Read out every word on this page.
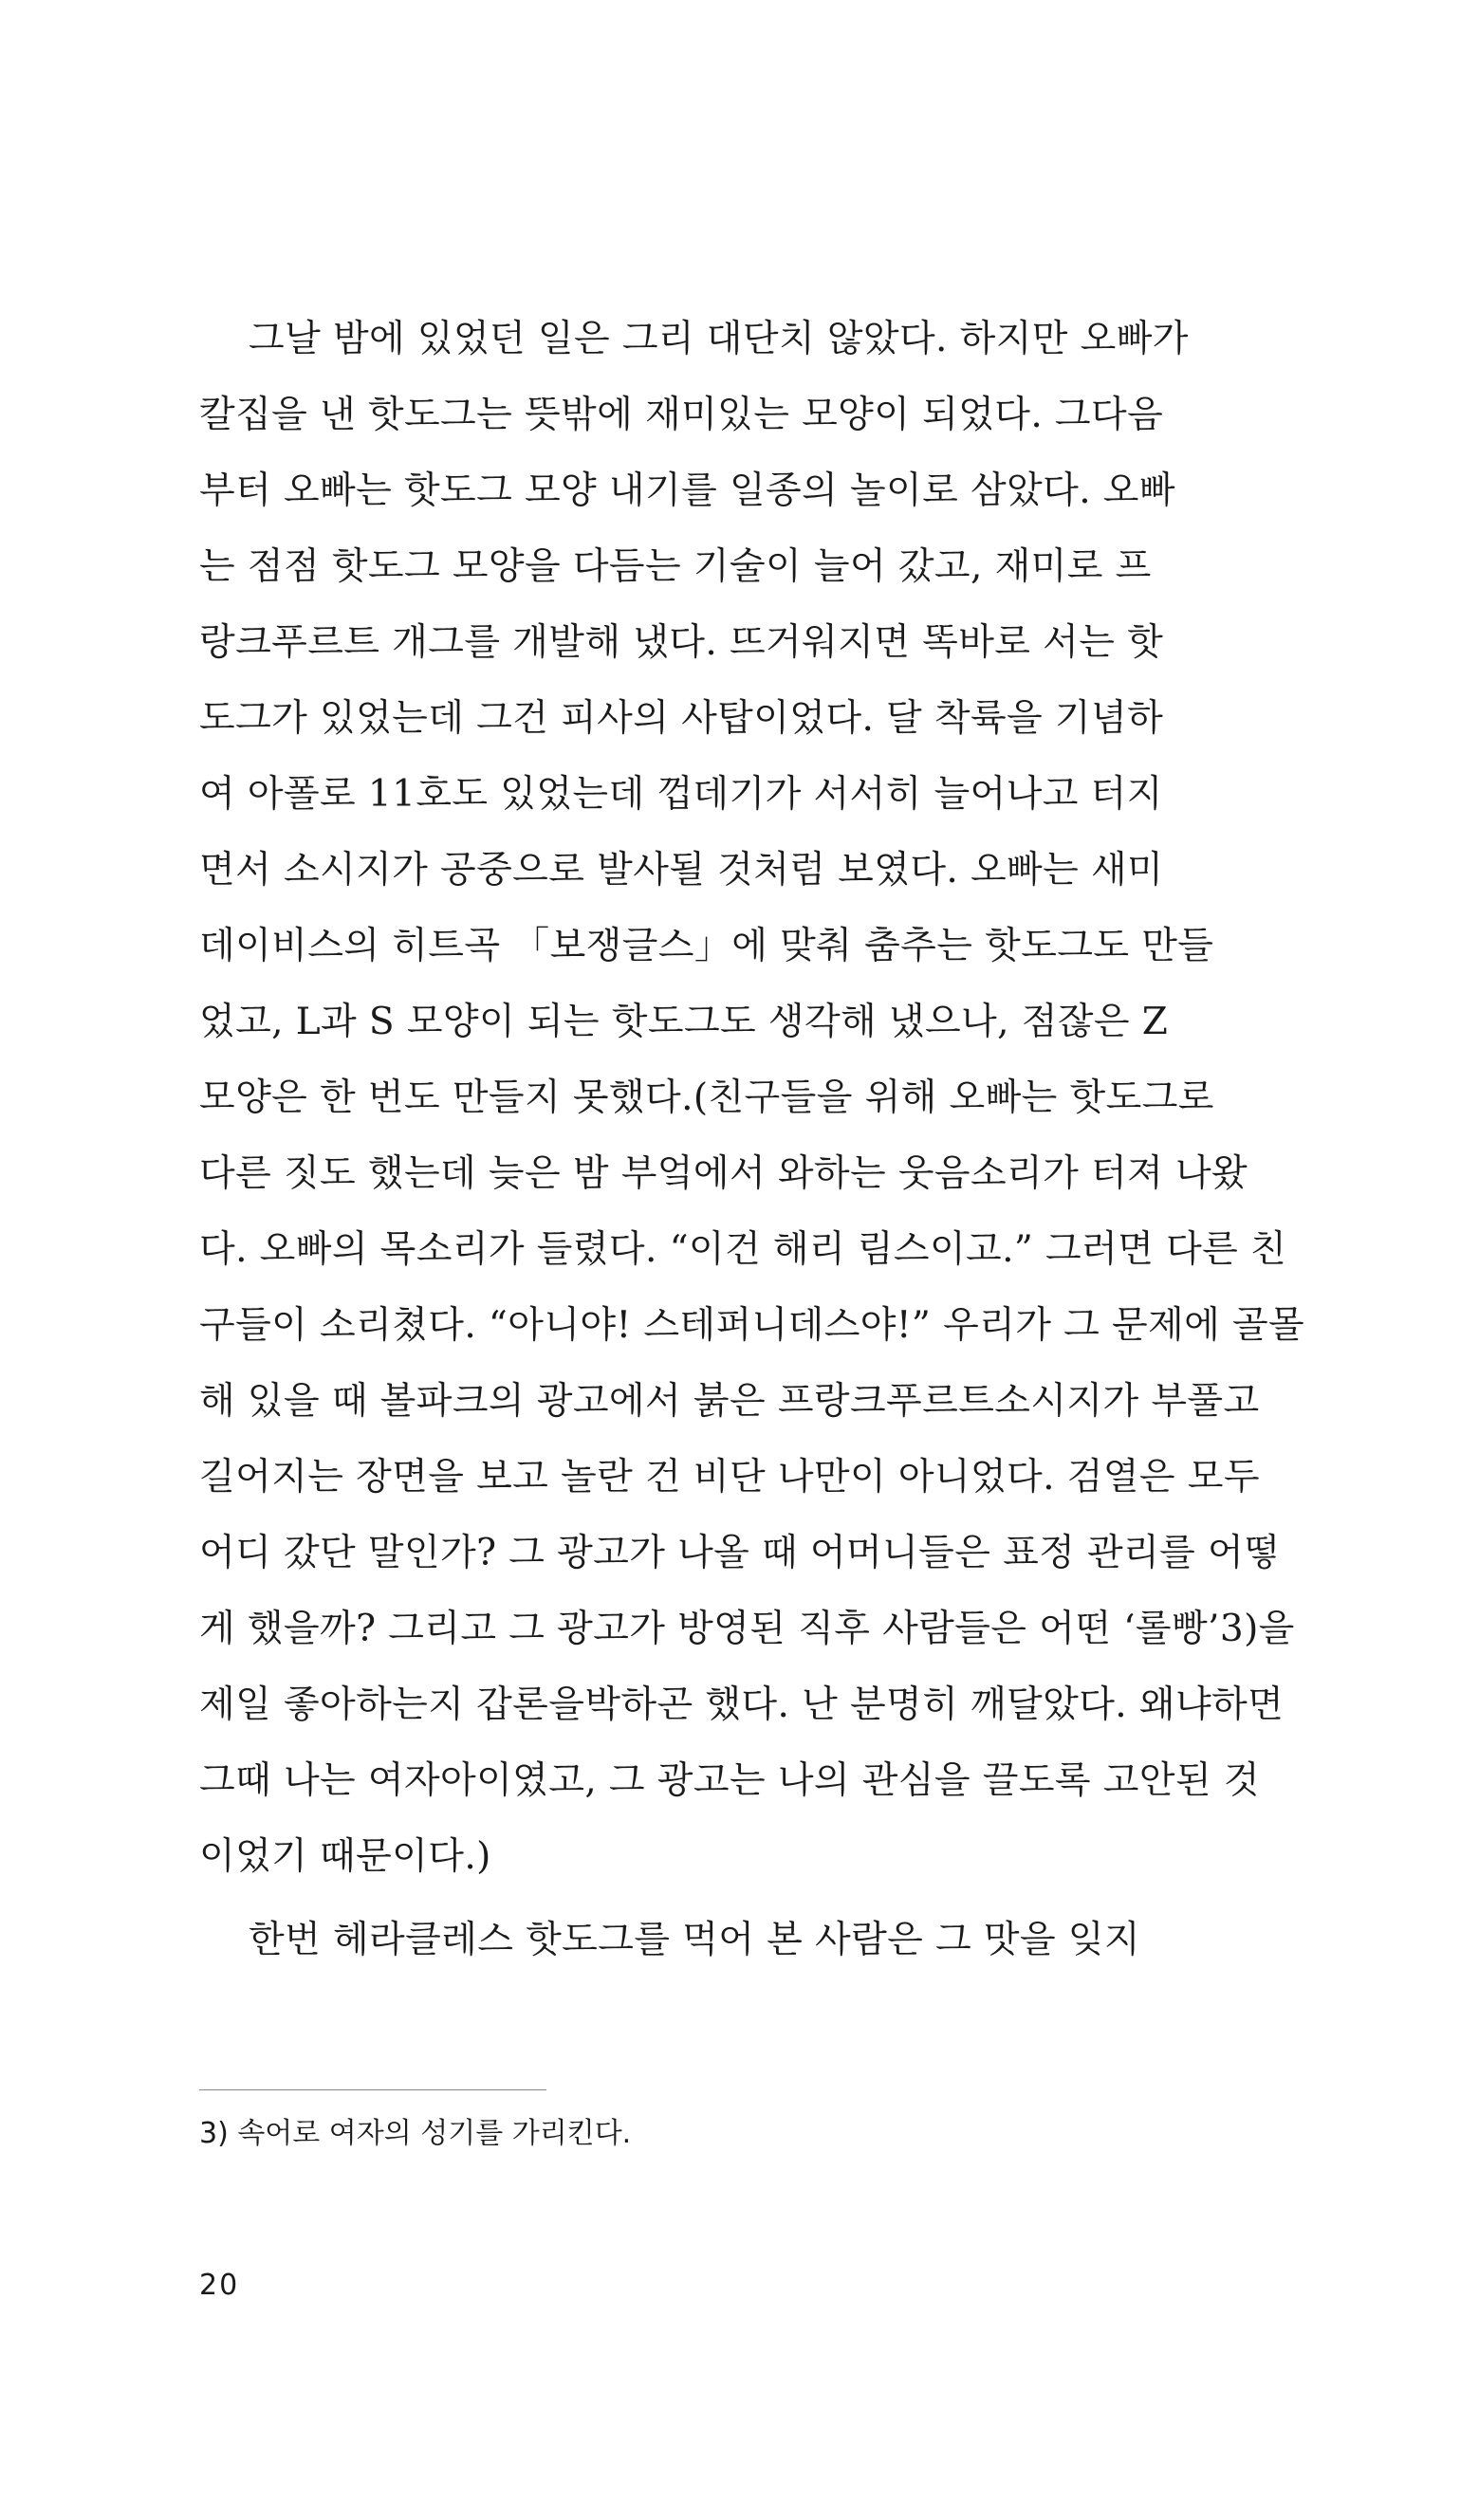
그날 밤에 있었던 일은 그리 대단치 않았다. 하지만 오빠가
칼집을 낸 핫도그는 뜻밖에 재미있는 모양이 되었다. 그다음
부터 오빠는 핫도그 모양 내기를 일종의 놀이로 삼았다. 오빠
는 점점 핫도그 모양을 다듬는 기술이 늘어 갔고, 재미로 프
랑크푸르트 개그를 개발해 냈다. 뜨거워지면 똑바로 서는 핫
도그가 있었는데 그건 피사의 사탑이었다. 달 착륙을 기념하
여 아폴로 11호도 있었는데 껍데기가 서서히 늘어나고 터지
면서 소시지가 공중으로 발사될 것처럼 보였다. 오빠는 새미
데이비스의 히트곡 「보쟁글스」에 맞춰 춤추는 핫도그도 만들
었고, L과 S 모양이 되는 핫도그도 생각해 냈으나, 점잖은 Z
모양은 한 번도 만들지 못했다.(친구들을 위해 오빠는 핫도그로
다른 짓도 했는데 늦은 밤 부엌에서 와하는 웃음소리가 터져 나왔
다. 오빠의 목소리가 들렸다. “이건 해리 림스이고.” 그러면 다른 친
구들이 소리쳤다. “아니야! 스테퍼니데스야!” 우리가 그 문제에 골몰
해 있을 때 볼파크의 광고에서 붉은 프랑크푸르트소시지가 부풀고
길어지는 장면을 보고 놀란 건 비단 나만이 아니었다. 검열은 모두
어디 갔단 말인가? 그 광고가 나올 때 어머니들은 표정 관리를 어떻
게 했을까? 그리고 그 광고가 방영된 직후 사람들은 어떤 ‘롤빵’3)을
제일 좋아하는지 갑론을박하곤 했다. 난 분명히 깨달았다. 왜냐하면
그때 나는 여자아이였고, 그 광고는 나의 관심을 끌도록 고안된 것
이었기 때문이다.)
한번 헤라클레스 핫도그를 먹어 본 사람은 그 맛을 잊지
3) 속어로 여자의 성기를 가리킨다.
20
